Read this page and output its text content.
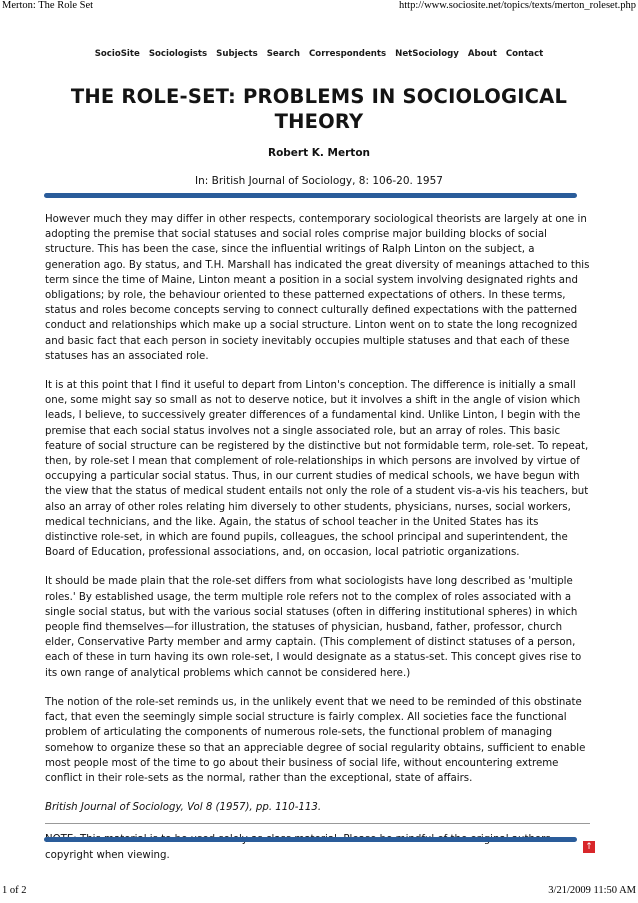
Merton: The Role Set	http://www.sociosite.net/topics/texts/merton_roleset.php
SocioSite Sociologists Subjects Search Correspondents NetSociology About Contact
THE ROLE-SET: PROBLEMS IN SOCIOLOGICAL THEORY
Robert K. Merton
In: British Journal of Sociology, 8: 106-20. 1957

However much they may differ in other respects, contemporary sociological theorists are largely at one in adopting the premise that social statuses and social roles comprise major building blocks of social structure. This has been the case, since the influential writings of Ralph Linton on the subject, a generation ago. By status, and T.H. Marshall has indicated the great diversity of meanings attached to this term since the time of Maine, Linton meant a position in a social system involving designated rights and obligations; by role, the behaviour oriented to these patterned expectations of others. In these terms, status and roles become concepts serving to connect culturally defined expectations with the patterned conduct and relationships which make up a social structure. Linton went on to state the long recognized and basic fact that each person in society inevitably occupies multiple statuses and that each of these statuses has an associated role.

It is at this point that I find it useful to depart from Linton's conception. The difference is initially a small one, some might say so small as not to deserve notice, but it involves a shift in the angle of vision which leads, I believe, to successively greater differences of a fundamental kind. Unlike Linton, I begin with the premise that each social status involves not a single associated role, but an array of roles. This basic feature of social structure can be registered by the distinctive but not formidable term, role-set. To repeat, then, by role-set I mean that complement of role-relationships in which persons are involved by virtue of occupying a particular social status. Thus, in our current studies of medical schools, we have begun with the view that the status of medical student entails not only the role of a student vis-a-vis his teachers, but also an array of other roles relating him diversely to other students, physicians, nurses, social workers, medical technicians, and the like. Again, the status of school teacher in the United States has its distinctive role-set, in which are found pupils, colleagues, the school principal and superintendent, the Board of Education, professional associations, and, on occasion, local patriotic organizations.

It should be made plain that the role-set differs from what sociologists have long described as 'multiple roles.' By established usage, the term multiple role refers not to the complex of roles associated with a single social status, but with the various social statuses (often in differing institutional spheres) in which people find themselves—for illustration, the statuses of physician, husband, father, professor, church elder, Conservative Party member and army captain. (This complement of distinct statuses of a person, each of these in turn having its own role-set, I would designate as a status-set. This concept gives rise to its own range of analytical problems which cannot be considered here.)

The notion of the role-set reminds us, in the unlikely event that we need to be reminded of this obstinate fact, that even the seemingly simple social structure is fairly complex. All societies face the functional problem of articulating the components of numerous role-sets, the functional problem of managing somehow to organize these so that an appreciable degree of social regularity obtains, sufficient to enable most people most of the time to go about their business of social life, without encountering extreme conflict in their role-sets as the normal, rather than the exceptional, state of affairs.

British Journal of Sociology, Vol 8 (1957), pp. 110-113.

copyright when viewing.

↑
1 of 2	3/21/2009 11:50 AM
